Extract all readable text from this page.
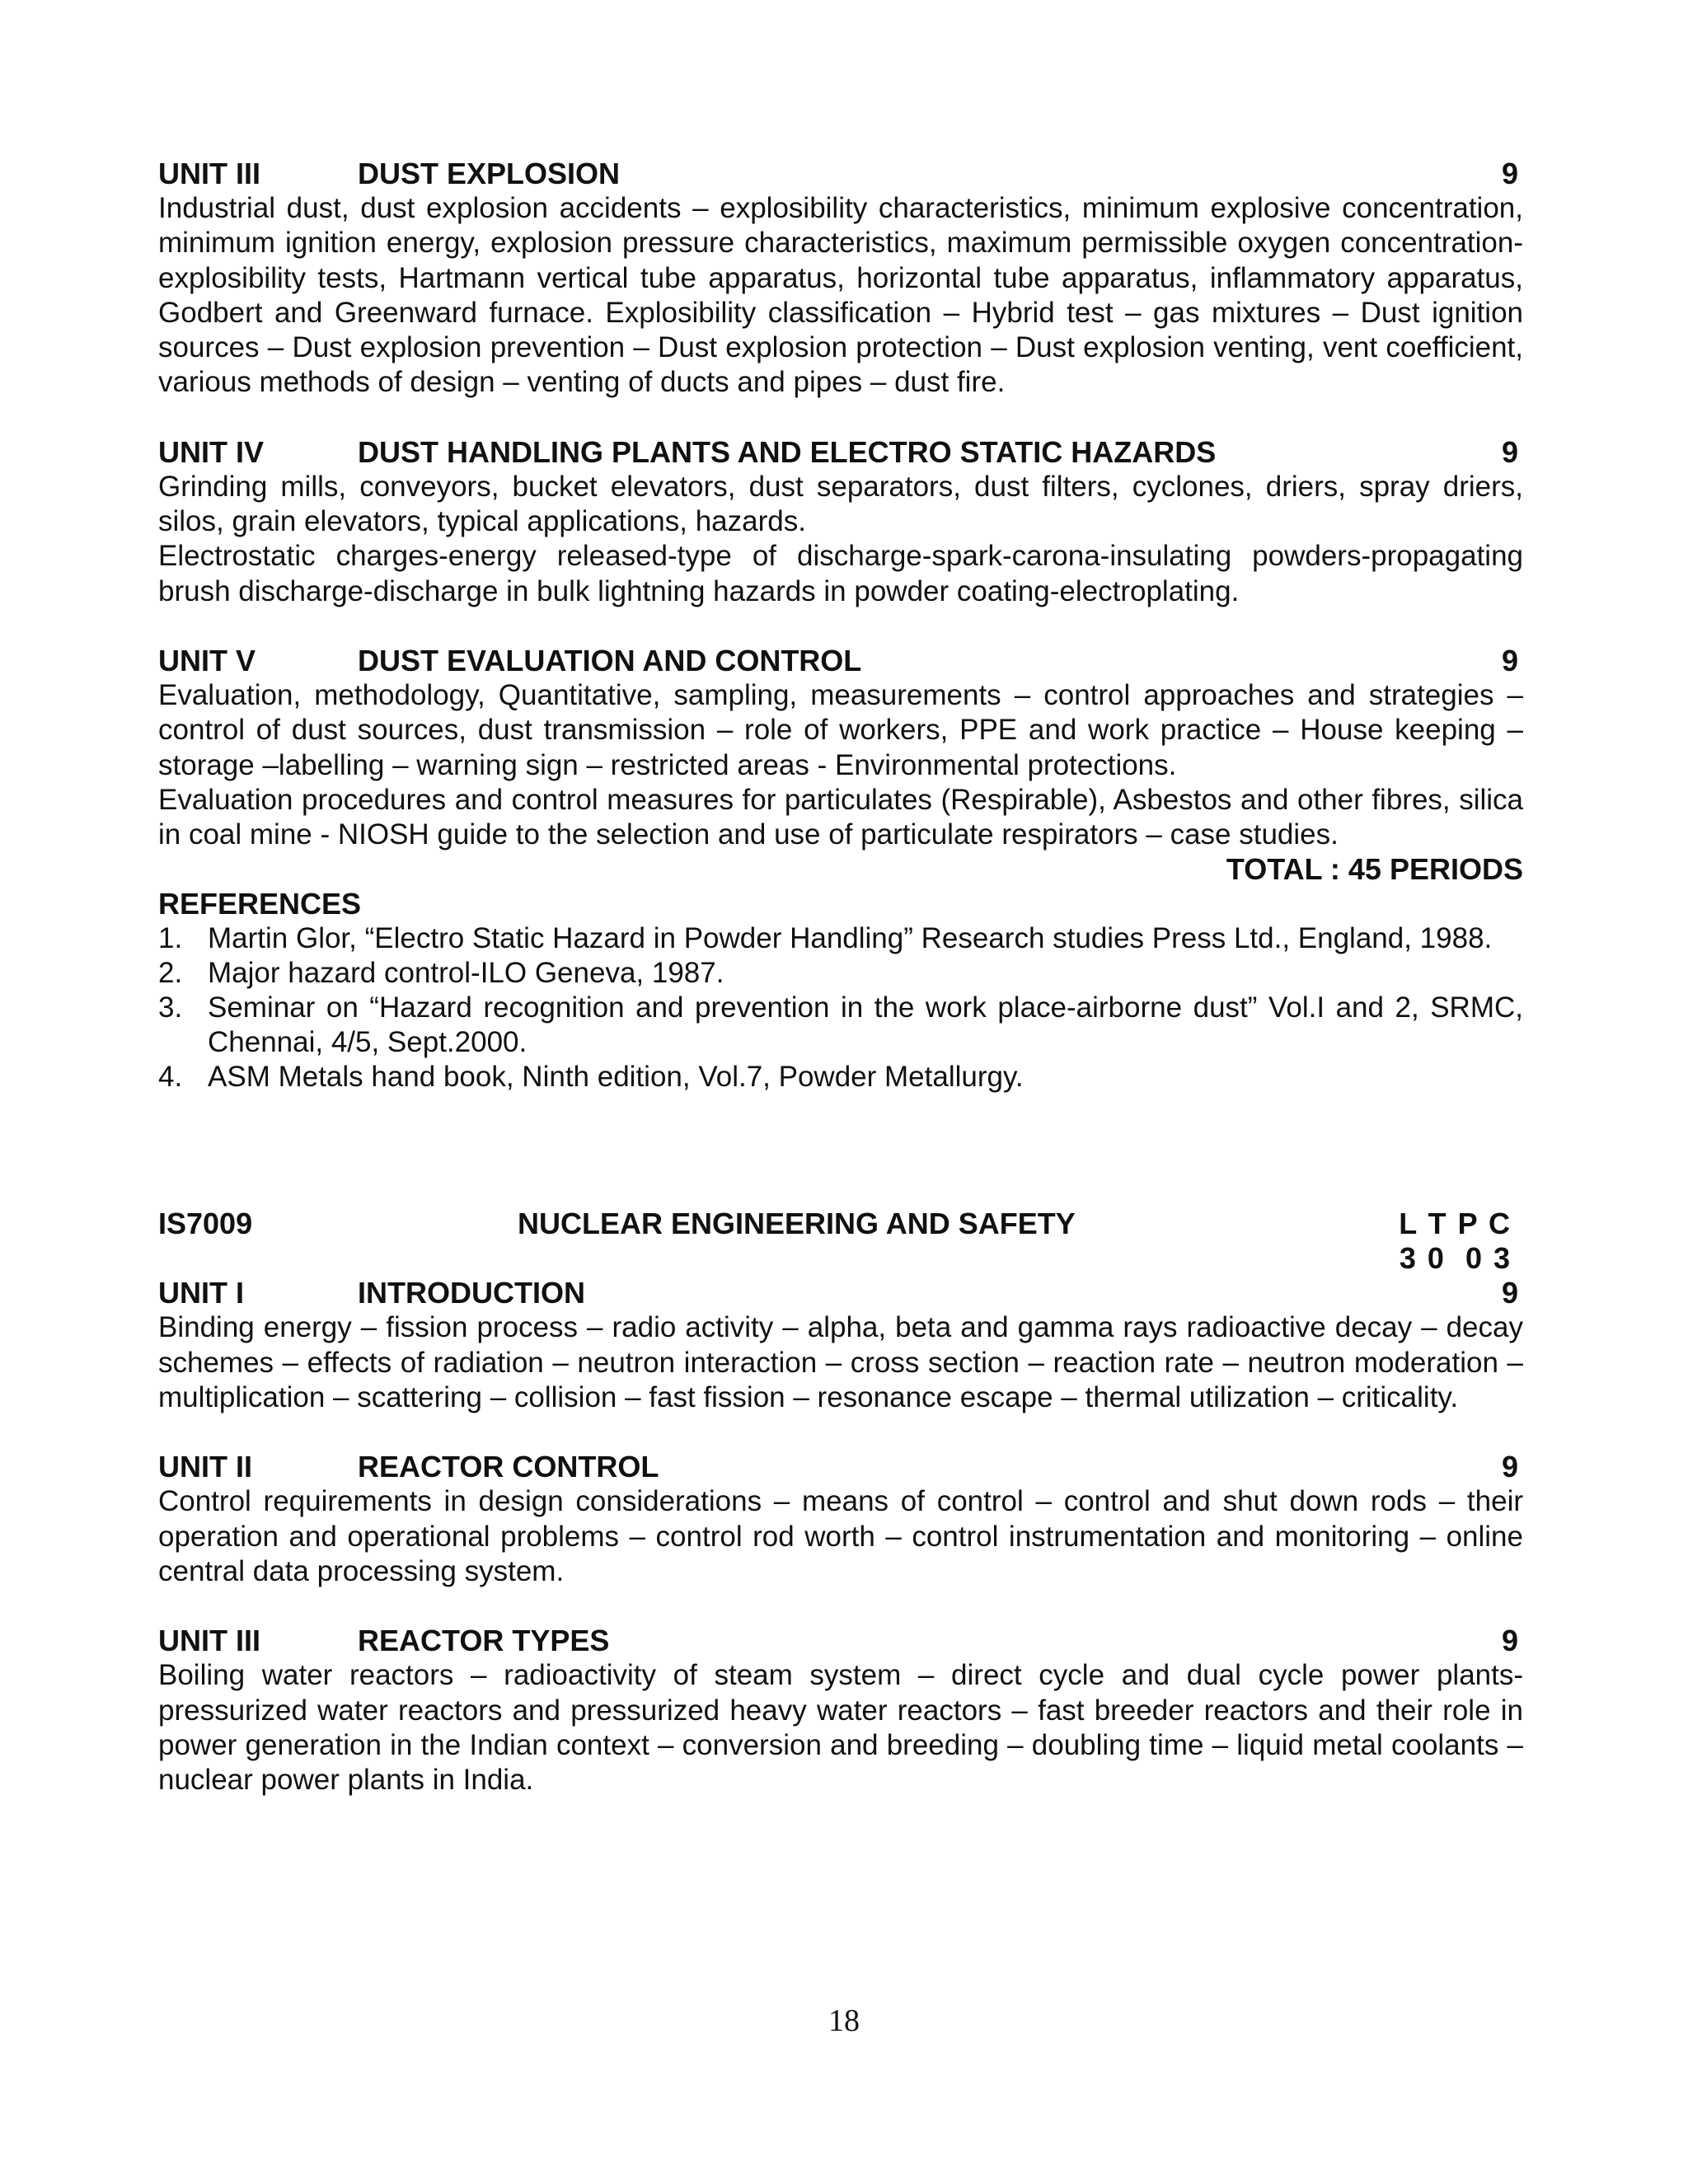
UNIT III	DUST EXPLOSION	9

Industrial dust, dust explosion accidents – explosibility characteristics, minimum explosive concentration, minimum ignition energy, explosion pressure characteristics, maximum permissible oxygen concentration- explosibility tests, Hartmann vertical tube apparatus, horizontal tube apparatus, inflammatory apparatus, Godbert and Greenward furnace. Explosibility classification – Hybrid test – gas mixtures – Dust ignition sources – Dust explosion prevention – Dust explosion protection – Dust explosion venting, vent coefficient, various methods of design – venting of ducts and pipes – dust fire.

UNIT IV	DUST HANDLING PLANTS AND ELECTRO STATIC HAZARDS	9

Grinding mills, conveyors, bucket elevators, dust separators, dust filters, cyclones, driers, spray driers, silos, grain elevators, typical applications, hazards.

Electrostatic charges-energy released-type of discharge-spark-carona-insulating powders-propagating brush discharge-discharge in bulk lightning hazards in powder coating-electroplating.

UNIT V	DUST EVALUATION AND CONTROL	9

Evaluation, methodology, Quantitative, sampling, measurements – control approaches and strategies – control of dust sources, dust transmission – role of workers, PPE and work practice – House keeping – storage –labelling – warning sign – restricted areas - Environmental protections.

Evaluation procedures and control measures for particulates (Respirable), Asbestos and other fibres, silica in coal mine - NIOSH guide to the selection and use of particulate respirators – case studies.

TOTAL : 45 PERIODS
REFERENCES
1. Martin Glor, “Electro Static Hazard in Powder Handling” Research studies Press Ltd., England, 1988.
2. Major hazard control-ILO Geneva, 1987.
3. Seminar on “Hazard recognition and prevention in the work place-airborne dust” Vol.I and 2, SRMC, Chennai, 4/5, Sept.2000.
4. ASM Metals hand book, Ninth edition, Vol.7, Powder Metallurgy.
IS7009	NUCLEAR ENGINEERING AND SAFETY	L T P C
3 0  0 3
UNIT I	INTRODUCTION	9

Binding energy – fission process – radio activity – alpha, beta and gamma rays radioactive decay – decay schemes – effects of radiation – neutron interaction – cross section – reaction rate – neutron moderation – multiplication – scattering – collision – fast fission – resonance escape – thermal utilization – criticality.

UNIT II	REACTOR CONTROL	9

Control requirements in design considerations – means of control – control and shut down rods – their operation and operational problems – control rod worth – control instrumentation and monitoring – online central data processing system.

UNIT III	REACTOR TYPES	9

Boiling water reactors – radioactivity of steam system – direct cycle and dual cycle power plants-pressurized water reactors and pressurized heavy water reactors – fast breeder reactors and their role in power generation in the Indian context – conversion and breeding – doubling time – liquid metal coolants – nuclear power plants in India.

18
